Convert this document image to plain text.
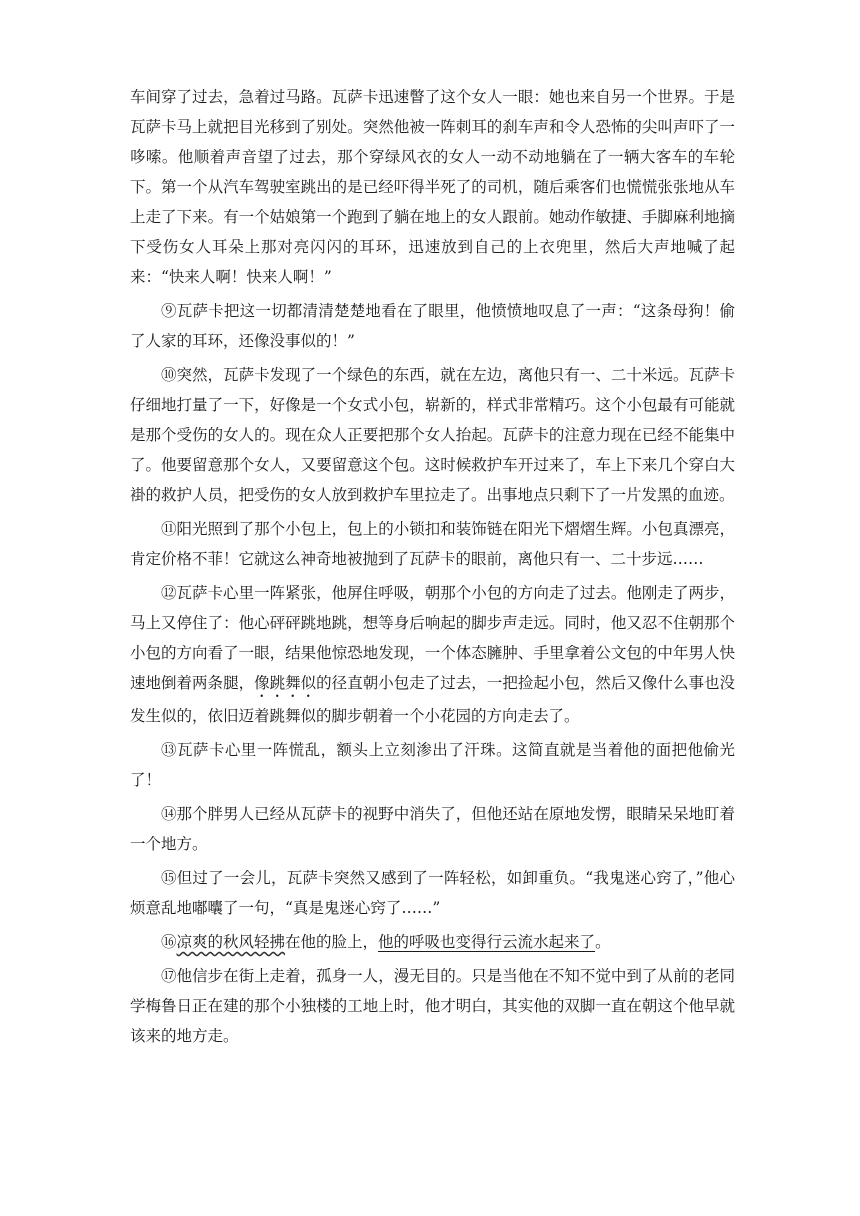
车间穿了过去，急着过马路。瓦萨卡迅速瞥了这个女人一眼：她也来自另一个世界。于是瓦萨卡马上就把目光移到了别处。突然他被一阵刺耳的刹车声和令人恐怖的尖叫声吓了一哆嗦。他顺着声音望了过去，那个穿绿风衣的女人一动不动地躺在了一辆大客车的车轮下。第一个从汽车驾驶室跳出的是已经吓得半死了的司机，随后乘客们也慌慌张张地从车上走了下来。有一个姑娘第一个跑到了躺在地上的女人跟前。她动作敏捷、手脚麻利地摘下受伤女人耳朵上那对亮闪闪的耳环，迅速放到自己的上衣兜里，然后大声地喊了起来：“快来人啊！快来人啊！”

⑨瓦萨卡把这一切都清清楚楚地看在了眼里，他愤愤地叹息了一声：“这条母狗！偷了人家的耳环，还像没事似的！”

⑩突然，瓦萨卡发现了一个绿色的东西，就在左边，离他只有一、二十米远。瓦萨卡仔细地打量了一下，好像是一个女式小包，崭新的，样式非常精巧。这个小包最有可能就是那个受伤的女人的。现在众人正要把那个女人抬起。瓦萨卡的注意力现在已经不能集中了。他要留意那个女人，又要留意这个包。这时候救护车开过来了，车上下来几个穿白大褂的救护人员，把受伤的女人放到救护车里拉走了。出事地点只剩下了一片发黑的血迹。

⑪阳光照到了那个小包上，包上的小锁扣和装饰链在阳光下熠熠生辉。小包真漂亮，肯定价格不菲！它就这么神奇地被抛到了瓦萨卡的眼前，离他只有一、二十步远……

⑫瓦萨卡心里一阵紧张，他屏住呼吸，朝那个小包的方向走了过去。他刚走了两步，马上又停住了：他心砰砰跳地跳，想等身后响起的脚步声走远。同时，他又忍不住朝那个小包的方向看了一眼，结果他惊恐地发现，一个体态臃肿、手里拿着公文包的中年男人快速地倒着两条腿，像跳舞似的径直朝小包走了过去，一把捡起小包，然后又像什么事也没发生似的，依旧迈着跳舞似的脚步朝着一个小花园的方向走去了。

⑬瓦萨卡心里一阵慌乱，额头上立刻渗出了汗珠。这简直就是当着他的面把他偷光了！

⑭那个胖男人已经从瓦萨卡的视野中消失了，但他还站在原地发愣，眼睛呆呆地盯着一个地方。

⑮但过了一会儿，瓦萨卡突然又感到了一阵轻松，如卸重负。“我鬼迷心窍了，”他心烦意乱地嘟囔了一句，“真是鬼迷心窍了……”

⑯凉爽的秋风轻拂在他的脸上，他的呼吸也变得行云流水起来了。

⑰他信步在街上走着，孤身一人，漫无目的。只是当他在不知不觉中到了从前的老同学梅鲁日正在建的那个小独楼的工地上时，他才明白，其实他的双脚一直在朝这个他早就该来的地方走。
